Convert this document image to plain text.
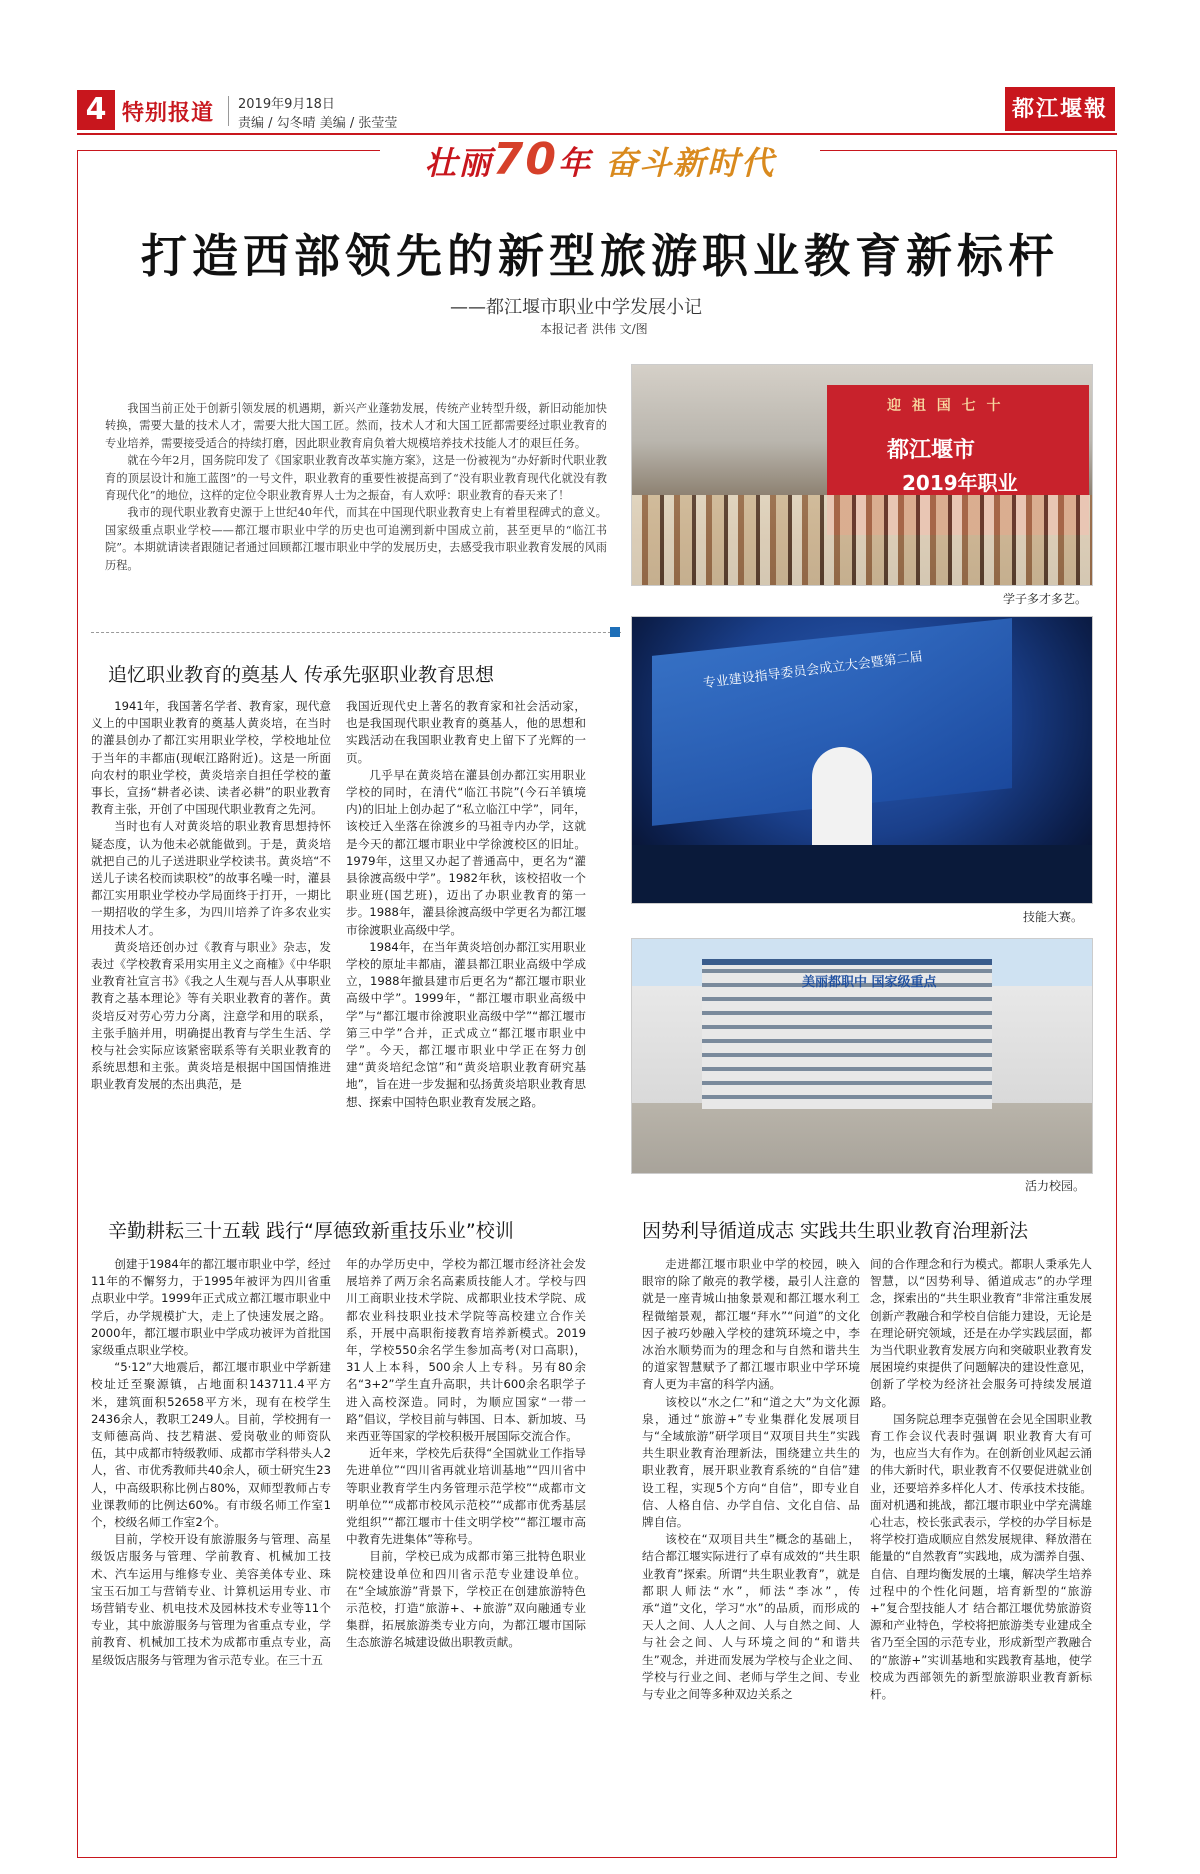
4 特别报道 2019年9月18日
责编 / 勾冬晴 美编 / 张莹莹
都江堰報
壮丽70年 奋斗新时代
打造西部领先的新型旅游职业教育新标杆
——都江堰市职业中学发展小记
本报记者 洪伟 文/图

我国当前正处于创新引领发展的机遇期，新兴产业蓬勃发展，传统产业转型升级，新旧动能加快转换，需要大量的技术人才，需要大批大国工匠。然而，技术人才和大国工匠都需要经过职业教育的专业培养，需要接受适合的持续打磨，因此职业教育肩负着大规模培养技术技能人才的艰巨任务。

就在今年2月，国务院印发了《国家职业教育改革实施方案》，这是一份被视为“办好新时代职业教育的顶层设计和施工蓝图”的一号文件，职业教育的重要性被提高到了“没有职业教育现代化就没有教育现代化”的地位，这样的定位令职业教育界人士为之振奋，有人欢呼：职业教育的春天来了！

我市的现代职业教育史源于上世纪40年代，而其在中国现代职业教育史上有着里程碑式的意义。国家级重点职业学校——都江堰市职业中学的历史也可追溯到新中国成立前，甚至更早的“临江书院”。本期就请读者跟随记者通过回顾都江堰市职业中学的发展历史，去感受我市职业教育发展的风雨历程。

迎 祖 国 七 十
都江堰市
2019年职业
学子多才多艺。
专业建设指导委员会成立大会暨第二届
技能大赛。
美丽都职中 国家级重点
活力校园。
追忆职业教育的奠基人 传承先驱职业教育思想

1941年，我国著名学者、教育家，现代意义上的中国职业教育的奠基人黄炎培，在当时的灌县创办了都江实用职业学校，学校地址位于当年的丰都庙(现岷江路附近)。这是一所面向农村的职业学校，黄炎培亲自担任学校的董事长，宣扬“耕者必读、读者必耕”的职业教育教育主张，开创了中国现代职业教育之先河。

当时也有人对黄炎培的职业教育思想持怀疑态度，认为他未必就能做到。于是，黄炎培就把自己的儿子送进职业学校读书。黄炎培“不送儿子读名校而读职校”的故事名噪一时，灌县都江实用职业学校办学局面终于打开，一期比一期招收的学生多，为四川培养了许多农业实用技术人才。

黄炎培还创办过《教育与职业》杂志，发表过《学校教育采用实用主义之商榷》《中华职业教育社宣言书》《我之人生观与吾人从事职业教育之基本理论》等有关职业教育的著作。黄炎培反对劳心劳力分离，注意学和用的联系，主张手脑并用，明确提出教育与学生生活、学校与社会实际应该紧密联系等有关职业教育的系统思想和主张。黄炎培是根据中国国情推进职业教育发展的杰出典范，是

我国近现代史上著名的教育家和社会活动家，也是我国现代职业教育的奠基人，他的思想和实践活动在我国职业教育史上留下了光辉的一页。

几乎早在黄炎培在灌县创办都江实用职业学校的同时，在清代“临江书院”(今石羊镇境内)的旧址上创办起了“私立临江中学”，同年，该校迁入坐落在徐渡乡的马祖寺内办学，这就是今天的都江堰市职业中学徐渡校区的旧址。1979年，这里又办起了普通高中，更名为“灌县徐渡高级中学”。1982年秋，该校招收一个职业班(国艺班)，迈出了办职业教育的第一步。1988年，灌县徐渡高级中学更名为都江堰市徐渡职业高级中学。

1984年，在当年黄炎培创办都江实用职业学校的原址丰都庙，灌县都江职业高级中学成立，1988年撤县建市后更名为“都江堰市职业高级中学”。1999年，“都江堰市职业高级中学”与“都江堰市徐渡职业高级中学”“都江堰市第三中学”合并，正式成立“都江堰市职业中学”。今天，都江堰市职业中学正在努力创建“黄炎培纪念馆”和“黄炎培职业教育研究基地”，旨在进一步发掘和弘扬黄炎培职业教育思想、探索中国特色职业教育发展之路。

辛勤耕耘三十五载 践行“厚德致新重技乐业”校训

创建于1984年的都江堰市职业中学，经过11年的不懈努力，于1995年被评为四川省重点职业中学。1999年正式成立都江堰市职业中学后，办学规模扩大，走上了快速发展之路。2000年，都江堰市职业中学成功被评为首批国家级重点职业学校。

“5·12”大地震后，都江堰市职业中学新建校址迁至聚源镇，占地面积143711.4平方米，建筑面积52658平方米，现有在校学生2436余人，教职工249人。目前，学校拥有一支师德高尚、技艺精湛、爱岗敬业的师资队伍，其中成都市特级教师、成都市学科带头人2人，省、市优秀教师共40余人，硕士研究生23人，中高级职称比例占80%，双师型教师占专业课教师的比例达60%。有市级名师工作室1个，校级名师工作室2个。

目前，学校开设有旅游服务与管理、高星级饭店服务与管理、学前教育、机械加工技术、汽车运用与维修专业、美容美体专业、珠宝玉石加工与营销专业、计算机运用专业、市场营销专业、机电技术及园林技术专业等11个专业，其中旅游服务与管理为省重点专业，学前教育、机械加工技术为成都市重点专业，高星级饭店服务与管理为省示范专业。在三十五

年的办学历史中，学校为都江堰市经济社会发展培养了两万余名高素质技能人才。学校与四川工商职业技术学院、成都职业技术学院、成都农业科技职业技术学院等高校建立合作关系，开展中高职衔接教育培养新模式。2019年，学校550余名学生参加高考(对口高职)，31人上本科，500余人上专科。另有80余名“3+2”学生直升高职，共计600余名职学子进入高校深造。同时，为顺应国家“一带一路”倡议，学校目前与韩国、日本、新加坡、马来西亚等国家的学校积极开展国际交流合作。

近年来，学校先后获得“全国就业工作指导先进单位”“四川省再就业培训基地”“四川省中等职业教育学生内务管理示范学校”“成都市文明单位”“成都市校风示范校”“成都市优秀基层党组织”“都江堰市十佳文明学校”“都江堰市高中教育先进集体”等称号。

目前，学校已成为成都市第三批特色职业院校建设单位和四川省示范专业建设单位。在“全域旅游”背景下，学校正在创建旅游特色示范校，打造“旅游+、+旅游”双向融通专业集群，拓展旅游类专业方向，为都江堰市国际生态旅游名城建设做出职教贡献。

因势利导循道成志 实践共生职业教育治理新法

走进都江堰市职业中学的校园，映入眼帘的除了敞亮的教学楼，最引人注意的就是一座青城山抽象景观和都江堰水利工程微缩景观，都江堰“拜水”“问道”的文化因子被巧妙融入学校的建筑环境之中，李冰治水顺势而为的理念和与自然和谐共生的道家智慧赋予了都江堰市职业中学环境育人更为丰富的科学内涵。

该校以“水之仁”和“道之大”为文化源泉，通过“旅游+”专业集群化发展项目与“全域旅游”研学项目“双项目共生”实践共生职业教育治理新法，围绕建立共生的职业教育，展开职业教育系统的“自信”建设工程，实现5个方向“自信”，即专业自信、人格自信、办学自信、文化自信、品牌自信。

该校在“双项目共生”概念的基础上，结合都江堰实际进行了卓有成效的“共生职业教育”探索。所谓“共生职业教育”，就是都职人师法“水”，师法“李冰”，传承“道”文化，学习“水”的品质，而形成的天人之间、人人之间、人与自然之间、人与社会之间、人与环境之间的“和谐共生”观念，并进而发展为学校与企业之间、学校与行业之间、老师与学生之间、专业与专业之间等多种双边关系之

间的合作理念和行为模式。都职人秉承先人智慧，以“因势利导、循道成志”的办学理念，探索出的“共生职业教育”非常注重发展创新产教融合和学校自信能力建设，无论是在理论研究领域，还是在办学实践层面，都为当代职业教育发展方向和突破职业教育发展困境约束提供了问题解决的建设性意见，创新了学校为经济社会服务可持续发展道路。

国务院总理李克强曾在会见全国职业教育工作会议代表时强调 职业教育大有可为，也应当大有作为。在创新创业风起云涌的伟大新时代，职业教育不仅要促进就业创业，还要培养多样化人才、传承技术技能。面对机遇和挑战，都江堰市职业中学充满雄心壮志，校长张武表示，学校的办学目标是将学校打造成顺应自然发展规律、释放潜在能量的“自然教育”实践地，成为濡养自强、自信、自理均衡发展的土壤，解决学生培养过程中的个性化问题，培育新型的“旅游+”复合型技能人才 结合都江堰优势旅游资源和产业特色，学校将把旅游类专业建成全省乃至全国的示范专业，形成新型产教融合的“旅游+”实训基地和实践教育基地，使学校成为西部领先的新型旅游职业教育新标杆。
